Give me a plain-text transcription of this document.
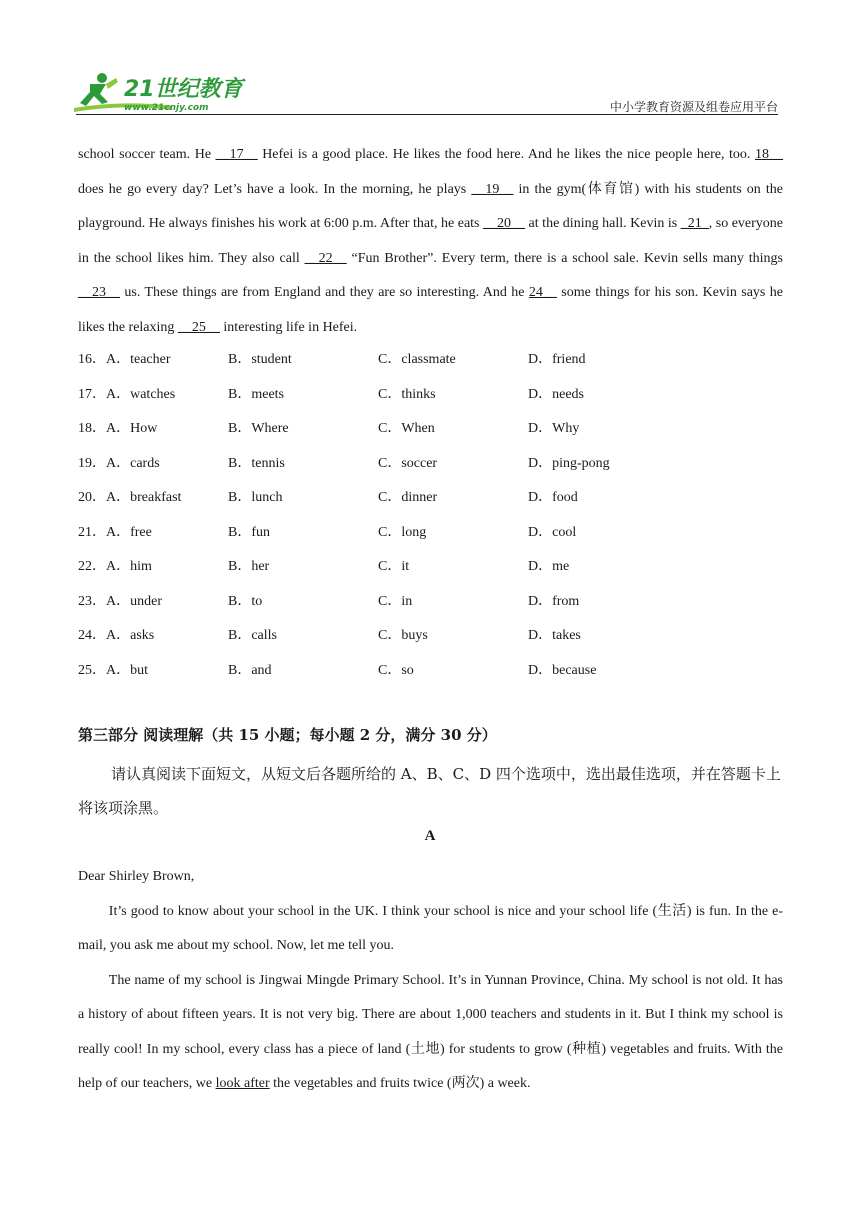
21世纪教育
www.21cnjy.com	中小学教育资源及组卷应用平台
school soccer team. He __17__ Hefei is a good place. He likes the food here. And he likes the nice people here, too. 18__ does he go every day? Let’s have a look. In the morning, he plays __19__ in the gym(体育馆) with his students on the playground. He always finishes his work at 6:00 p.m. After that, he eats __20__ at the dining hall. Kevin is _21_, so everyone in the school likes him. They also call __22__ “Fun Brother”. Every term, there is a school sale. Kevin sells many things __23__ us. These things are from England and they are so interesting. And he 24__ some things for his son. Kevin says he likes the relaxing __25__ interesting life in Hefei.
16．A．teacher	B．student	C．classmate	D．friend
17．A．watches	B．meets	C．thinks	D．needs
18．A．How	B．Where	C．When	D．Why
19．A．cards	B．tennis	C．soccer	D．ping-pong
20．A．breakfast	B．lunch	C．dinner	D．food
21．A．free	B．fun	C．long	D．cool
22．A．him	B．her	C．it	D．me
23．A．under	B．to	C．in	D．from
24．A．asks	B．calls	C．buys	D．takes
25．A．but	B．and	C．so	D．because
第三部分 阅读理解（共 15 小题；每小题 2 分，满分 30 分）
请认真阅读下面短文，从短文后各题所给的 A、B、C、D 四个选项中，选出最佳选项，并在答题卡上将该项涂黑。
A

Dear Shirley Brown,

It’s good to know about your school in the UK. I think your school is nice and your school life (生活) is fun. In the e-mail, you ask me about my school. Now, let me tell you.

The name of my school is Jingwai Mingde Primary School. It’s in Yunnan Province, China. My school is not old. It has a history of about fifteen years. It is not very big. There are about 1,000 teachers and students in it. But I think my school is really cool! In my school, every class has a piece of land (土地) for students to grow (种植) vegetables and fruits. With the help of our teachers, we look after the vegetables and fruits twice (两次) a week.
